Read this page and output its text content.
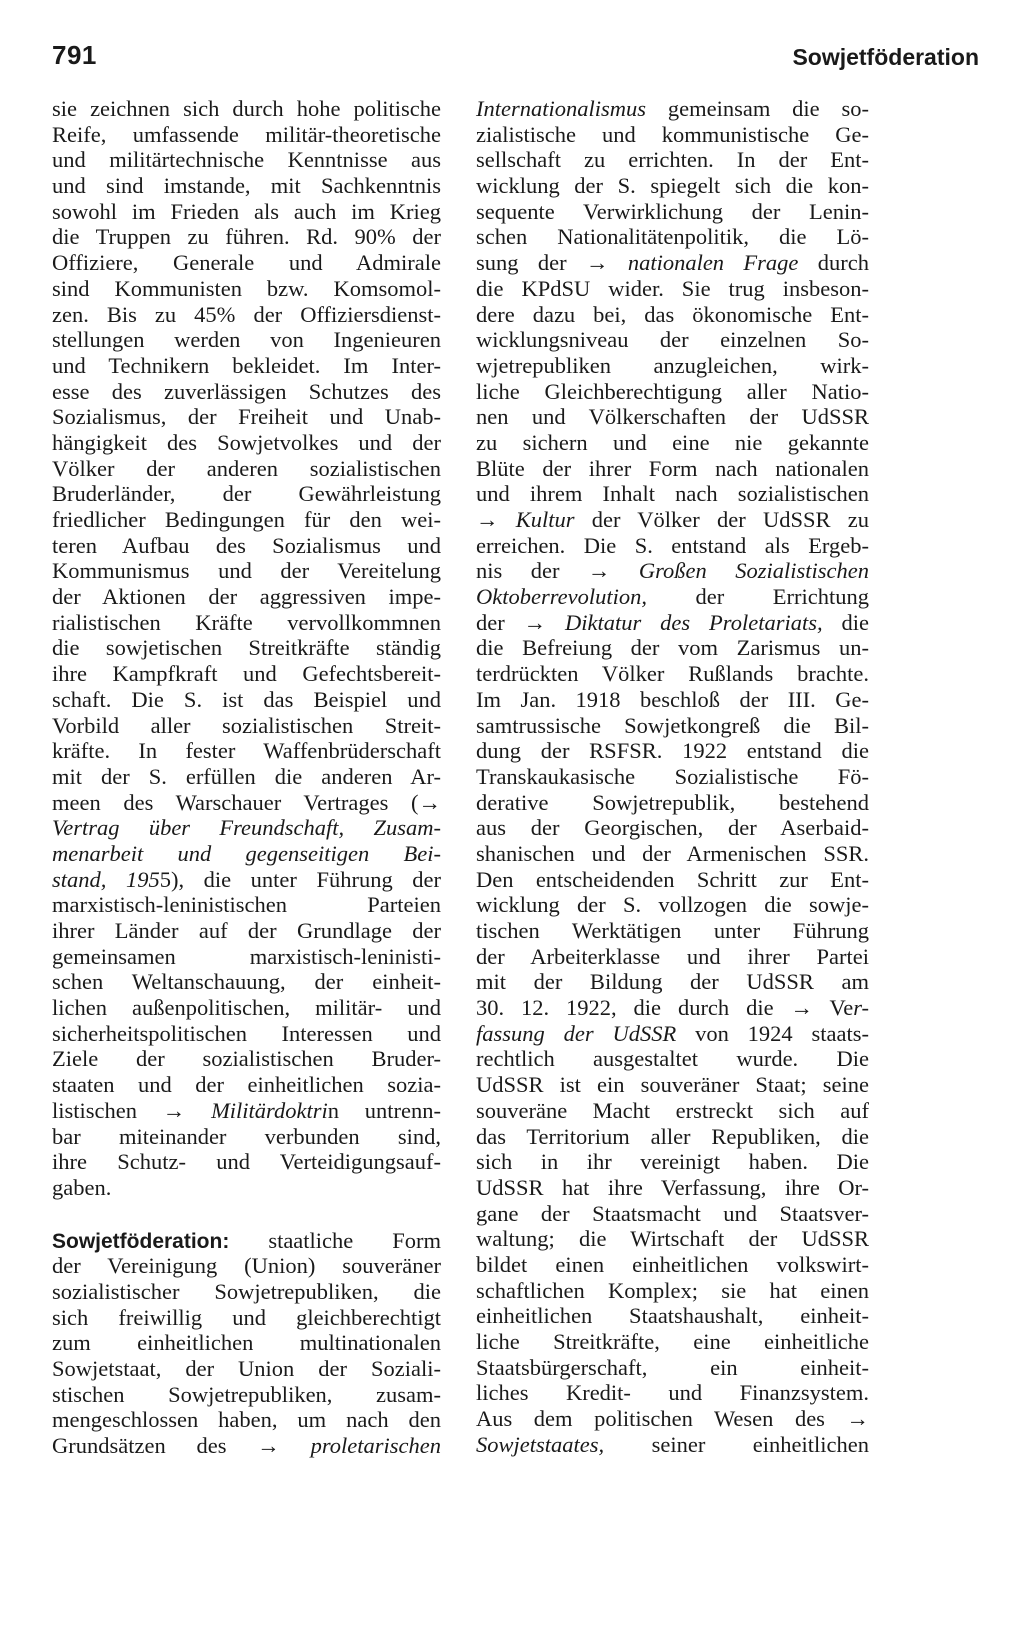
791	Sowjetföderation
sie zeichnen sich durch hohe politische
Reife, umfassende militär-theoretische
und militärtechnische Kenntnisse aus
und sind imstande, mit Sachkenntnis
sowohl im Frieden als auch im Krieg
die Truppen zu führen. Rd. 90% der
Offiziere, Generale und Admirale
sind Kommunisten bzw. Komsomol-
zen. Bis zu 45% der Offiziersdienst-
stellungen werden von Ingenieuren
und Technikern bekleidet. Im Inter-
esse des zuverlässigen Schutzes des
Sozialismus, der Freiheit und Unab-
hängigkeit des Sowjetvolkes und der
Völker der anderen sozialistischen
Bruderländer, der Gewährleistung
friedlicher Bedingungen für den wei-
teren Aufbau des Sozialismus und
Kommunismus und der Vereitelung
der Aktionen der aggressiven impe-
rialistischen Kräfte vervollkommnen
die sowjetischen Streitkräfte ständig
ihre Kampfkraft und Gefechtsbereit-
schaft. Die S. ist das Beispiel und
Vorbild aller sozialistischen Streit-
kräfte. In fester Waffenbrüderschaft
mit der S. erfüllen die anderen Ar-
meen des Warschauer Vertrages (→
Vertrag über Freundschaft, Zusam-
menarbeit und gegenseitigen Bei-
stand, 1955), die unter Führung der
marxistisch-leninistischen Parteien
ihrer Länder auf der Grundlage der
gemeinsamen marxistisch-leninisti-
schen Weltanschauung, der einheit-
lichen außenpolitischen, militär- und
sicherheitspolitischen Interessen und
Ziele der sozialistischen Bruder-
staaten und der einheitlichen sozia-
listischen → Militärdoktrin untrenn-
bar miteinander verbunden sind,
ihre Schutz- und Verteidigungsauf-
gaben.
Sowjetföderation: staatliche Form
der Vereinigung (Union) souveräner
sozialistischer Sowjetrepubliken, die
sich freiwillig und gleichberechtigt
zum einheitlichen multinationalen
Sowjetstaat, der Union der Soziali-
stischen Sowjetrepubliken, zusam-
mengeschlossen haben, um nach den
Grundsätzen des → proletarischen
Internationalismus gemeinsam die so-
zialistische und kommunistische Ge-
sellschaft zu errichten. In der Ent-
wicklung der S. spiegelt sich die kon-
sequente Verwirklichung der Lenin-
schen Nationalitätenpolitik, die Lö-
sung der → nationalen Frage durch
die KPdSU wider. Sie trug insbeson-
dere dazu bei, das ökonomische Ent-
wicklungsniveau der einzelnen So-
wjetrepubliken anzugleichen, wirk-
liche Gleichberechtigung aller Natio-
nen und Völkerschaften der UdSSR
zu sichern und eine nie gekannte
Blüte der ihrer Form nach nationalen
und ihrem Inhalt nach sozialistischen
→ Kultur der Völker der UdSSR zu
erreichen. Die S. entstand als Ergeb-
nis der → Großen Sozialistischen
Oktoberrevolution, der Errichtung
der → Diktatur des Proletariats, die
die Befreiung der vom Zarismus un-
terdrückten Völker Rußlands brachte.
Im Jan. 1918 beschloß der III. Ge-
samtrussische Sowjetkongreß die Bil-
dung der RSFSR. 1922 entstand die
Transkaukasische Sozialistische Fö-
derative Sowjetrepublik, bestehend
aus der Georgischen, der Aserbaid-
shanischen und der Armenischen SSR.
Den entscheidenden Schritt zur Ent-
wicklung der S. vollzogen die sowje-
tischen Werktätigen unter Führung
der Arbeiterklasse und ihrer Partei
mit der Bildung der UdSSR am
30. 12. 1922, die durch die → Ver-
fassung der UdSSR von 1924 staats-
rechtlich ausgestaltet wurde. Die
UdSSR ist ein souveräner Staat; seine
souveräne Macht erstreckt sich auf
das Territorium aller Republiken, die
sich in ihr vereinigt haben. Die
UdSSR hat ihre Verfassung, ihre Or-
gane der Staatsmacht und Staatsver-
waltung; die Wirtschaft der UdSSR
bildet einen einheitlichen volkswirt-
schaftlichen Komplex; sie hat einen
einheitlichen Staatshaushalt, einheit-
liche Streitkräfte, eine einheitliche
Staatsbürgerschaft, ein einheit-
liches Kredit- und Finanzsystem.
Aus dem politischen Wesen des →
Sowjetstaates, seiner einheitlichen
